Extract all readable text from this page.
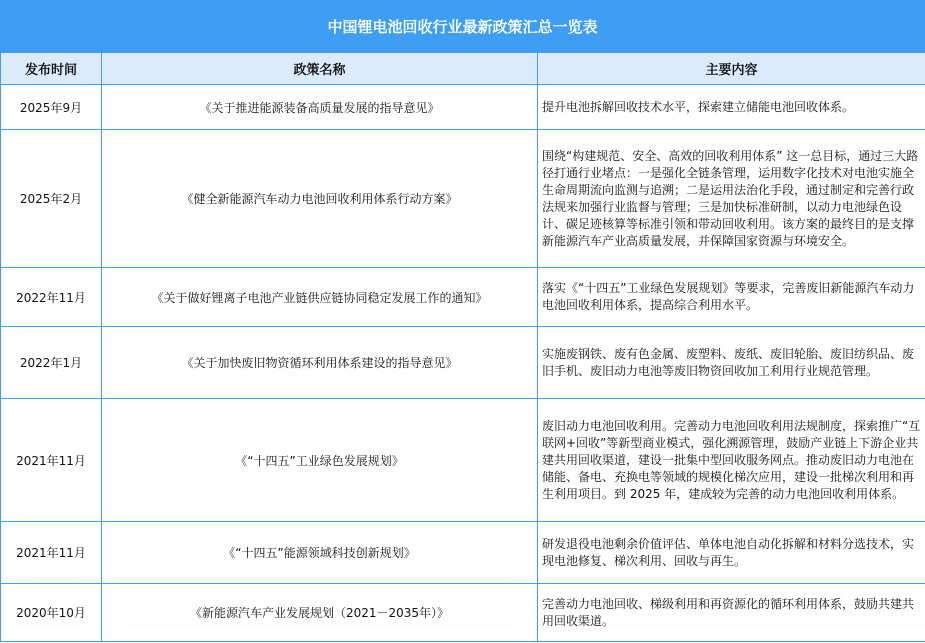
中国锂电池回收行业最新政策汇总一览表
发布时间	政策名称	主要内容
2025年9月	《关于推进能源装备高质量发展的指导意见》	提升电池拆解回收技术水平，探索建立储能电池回收体系。
2025年2月	《健全新能源汽车动力电池回收利用体系行动方案》	围绕“构建规范、安全、高效的回收利用体系” 这一总目标，通过三大路径打通行业堵点：一是强化全链条管理，运用数字化技术对电池实施全生命周期流向监测与追溯；二是运用法治化手段，通过制定和完善行政法规来加强行业监督与管理；三是加快标准研制，以动力电池绿色设计、碳足迹核算等标准引领和带动回收利用。该方案的最终目的是支撑新能源汽车产业高质量发展，并保障国家资源与环境安全。
2022年11月	《关于做好锂离子电池产业链供应链协同稳定发展工作的通知》	落实《“十四五”工业绿色发展规划》等要求，完善废旧新能源汽车动力电池回收利用体系，提高综合利用水平。
2022年1月	《关于加快废旧物资循环利用体系建设的指导意见》	实施废钢铁、废有色金属、废塑料、废纸、废旧轮胎、废旧纺织品、废旧手机、废旧动力电池等废旧物资回收加工利用行业规范管理。
2021年11月	《“十四五”工业绿色发展规划》	废旧动力电池回收利用。完善动力电池回收利用法规制度，探索推广“互联网+回收”等新型商业模式，强化溯源管理，鼓励产业链上下游企业共建共用回收渠道，建设一批集中型回收服务网点。推动废旧动力电池在储能、备电、充换电等领域的规模化梯次应用，建设一批梯次利用和再生利用项目。到 2025 年，建成较为完善的动力电池回收利用体系。
2021年11月	《“十四五”能源领域科技创新规划》	研发退役电池剩余价值评估、单体电池自动化拆解和材料分选技术，实现电池修复、梯次利用、回收与再生。
2020年10月	《新能源汽车产业发展规划（2021－2035年）》	完善动力电池回收、梯级利用和再资源化的循环利用体系，鼓励共建共用回收渠道。
